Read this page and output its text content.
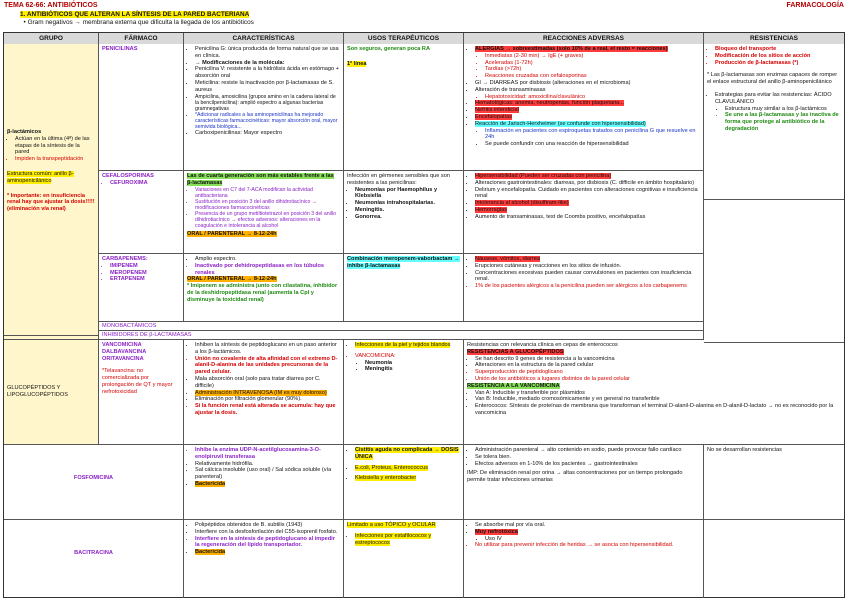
TEMA 62-66: ANTIBIÓTICOS	FARMACOLOGÍA
1. ANTIBIÓTICOS QUE ALTERAN LA SÍNTESIS DE LA PARED BACTERIANA
• Gram negativos → membrana externa que dificulta la llegada de los antibióticos
GRUPO	FÁRMACO	CARACTERÍSTICAS	USOS TERAPÉUTICOS	REACCIONES ADVERSAS	RESISTENCIAS
β-lactámicos
• Actúan en la última (4ª) de las etapas de la síntesis de la pared
• Impiden la transpeptidación
Estructura común: anillo β-aminopenicilánico
* Importante: en insuficiencia renal hay que ajustar la dosis!!!!! (eliminación vía renal)
PENICILINAS
•	Penicilina G: única producida de forma natural que se usa en clínica.
• → Modificaciones de la molécula:
• Penicilina V: resistente a la hidrólisis ácida en estómago + absorción oral
• Meticilina: resiste la inactivación por β-lactamasas de S. aureus
• Ampicilina, amoxicilina (grupos amino en la cadena lateral de la bencilpenicilina): amplió espectro a algunas bacterias gramnegativas
• *Adicionar radicales a las aminopenicilinas ha mejorado características farmacocinéticas: mayor absorción oral, mayor semivida biológica...
• Carboxipenicilinas: Mayor espectro
Son seguros, generan poca RA
1ª línea
• ALERGIAS → sobreestimadas (solo 10% de a real, el resto = reacciones)
• Inmediatas (2-30 min) → IgE (+ graves)
• Aceleradas (1-72h)
• Tardías (>72h)
• Reacciones cruzadas con cefalosporinas
• GI → DIARREAS por disbiosis (alteraciones en el microbioma)
• Alteración de transaminasas
• Hepatotoxicidad: amoxicilina/clavulánico
• Hematológicas: anemia, neutropenias, función plaquetaria...
• Nefritis intersticial
• Encefalopatías
• Reacción de Jarisch-Herxheimer (se confunde con hipersensibilidad)
• Inflamación en pacientes con espiroquetas tratados con penicilina G que resuelve en 24h
• Se puede confundir con una reacción de hipersensibilidad
• Bloqueo del transporte
• Modificación de los sitios de acción
• Producción de β-lactamasas (*)
* Las β-lactamasas son enzimas capaces de romper el enlace estructural del anillo β-aminopenicilánico
• Estrategias para evitar las resistencias: ÁCIDO CLAVULÁNICO
• Estructura muy similar a los β-lactámicos
• Se une a las β-lactamasas y las inactiva de forma que protege al antibiótico de la degradación
CEFALOSPORINAS
• CEFUROXIMA
Las de cuarta generación son más estables frente a las β-lactamasas
• Variaciones en C7 del 7-ACA modifican la actividad antibacteriana
• Sustitución en posición 3 del anillo dihidrotiacínico → modificaciones farmacocinéticas
• Presencia de un grupo metiltiotetrazol en posición 3 del anillo dihidrotiacínico → efectos adversos: alteraciones en la coagulación e intolerancia al alcohol
ORAL / PARENTERAL → 8-12-24h
Infección en gérmenes sensibles que son resistentes a las penicilinas:
• Neumonías por Haemophilus y Klebsiella
• Neumonías intrahospitalarias.
• Meningitis.
• Gonorrea.
• Hipersensibilidad (Pueden ser cruzadas con penicilina)
• Alteraciones gastrointestinales: diarreas, por disbiosis (C. difficile en ámbito hospitalario)
• Delirium y encefalopatía. Cuidado en pacientes con alteraciones cognitivas e insuficiencia renal
• Intolerancia al alcohol (disulfiram-like)
• Hemorragias
• Aumento de transaminasas, test de Coombs positivo, encefalopatías
CARBAPENEMS:
• IMIPENEM
• MEROPENEM
• ERTAPENEM
• Amplio espectro.
• Inactivado por dehidropeptidasas en los túbulos renales
ORAL / PARENTERAL → 8-12-24h
* Imipenem se administra junto con cilastatina, inhibidor de la deshidropeptidasa renal (aumenta la Cpl y disminuye la toxicidad renal)
Combinación meropenem-vaborbactam → inhibe β-lactamasas
• Náuseas, vómitos, diarrea
• Erupciones cutáneas y reacciones en los sitios de infusión.
• Concentraciones excesivas pueden causar convulsiones en pacientes con insuficiencia renal.
• 1% de los pacientes alérgicos a la penicilina pueden ser alérgicos a los carbapenems
MONOBACTÁMICOS
INHIBIDORES DE β-LACTAMASAS
GLUCOPÉPTIDOS Y LIPOGLUCOPÉPTIDOS
VANCOMICINA DALBAVANCINA ORITAVANCINA
*Telavancina: no comercializada por prolongación de QT y mayor nefrotoxicidad
• Inhiben la síntesis de peptidoglucano en un paso anterior a los β-lactámicos.
• Unión no covalente de alta afinidad con el extremo D-alanil-D-alanina de las unidades precursoras de la pared celular.
• Mala absorción oral (solo para tratar diarrea por C. difficile)
• Administración INTRAVENOSA (IM es muy doloroso)
• Eliminación por filtración glomerular (90%).
• Si la función renal está alterada se acumula: hay que ajustar la dosis.
• Infecciones de la piel y tejidos blandos
• VANCOMICINA:
• Neumonía
• Meningitis
Resistencias con relevancia clínica en cepas de enterococos
RESISTENCIAS A GLUCOPÉPTIDOS
• Se han descrito 9 genes de resistencia a la vancomicina
• Alteraciones en la estructura de la pared celular
• Superproducción de peptidoglicano
• Unión de los antibióticos a lugares distintos de la pared celular
RESISTENCIA A LA VANCOMICINA
• Van A: Inducible y transferible por plásmidos
• Van B: Inducible, mediado cromosómicamente y en general no transferible
• Enterococos: Síntesis de proteínas de membrana que transforman el terminal D-alanil-D-alanina en D-alanil-D-lactato → no es reconocido por la vancomicina
FOSFOMICINA
• Inhibe la enzima UDP-N-acetilglucosamina-3-O-enolpiruvil transferasa
• Relativamente hidrófila.
• Sal cálcica insoluble (uso oral) / Sal sódica soluble (vía parenteral)
• Bactericida
• Cistitis aguda no complicada → DOSIS ÚNICA
• E.coli, Proteus, Enterococcus
• Klebsiella y enterobacter
• Administración parenteral → alto contenido en sodio, puede provocar fallo cardíaco
• Se tolera bien.
• Efectos adversos en 1-10% de los pacientes → gastrointestinales
IMP: De eliminación renal por orina → altas concentraciones por un tiempo prolongado permite tratar infecciones urinarias
No se desarrollan resistencias
BACITRACINA
• Polipéptidos obtenidos de B. subtilis (1943)
• Interfiere con la desfosforilación del C55-isoprenil fosfato.
• Interfiere en la síntesis de peptidoglucano al impedir la regeneración del lípido transportador.
• Bactericida
Limitado a uso TÓPICO y OCULAR
• Infecciones por estafilococos y estreptococos
• Se absorbe mal por vía oral.
• Muy nefrotóxica
• Uso IV
• No utilizar para prevenir infección de heridas → se asocia con hipersensibilidad.
